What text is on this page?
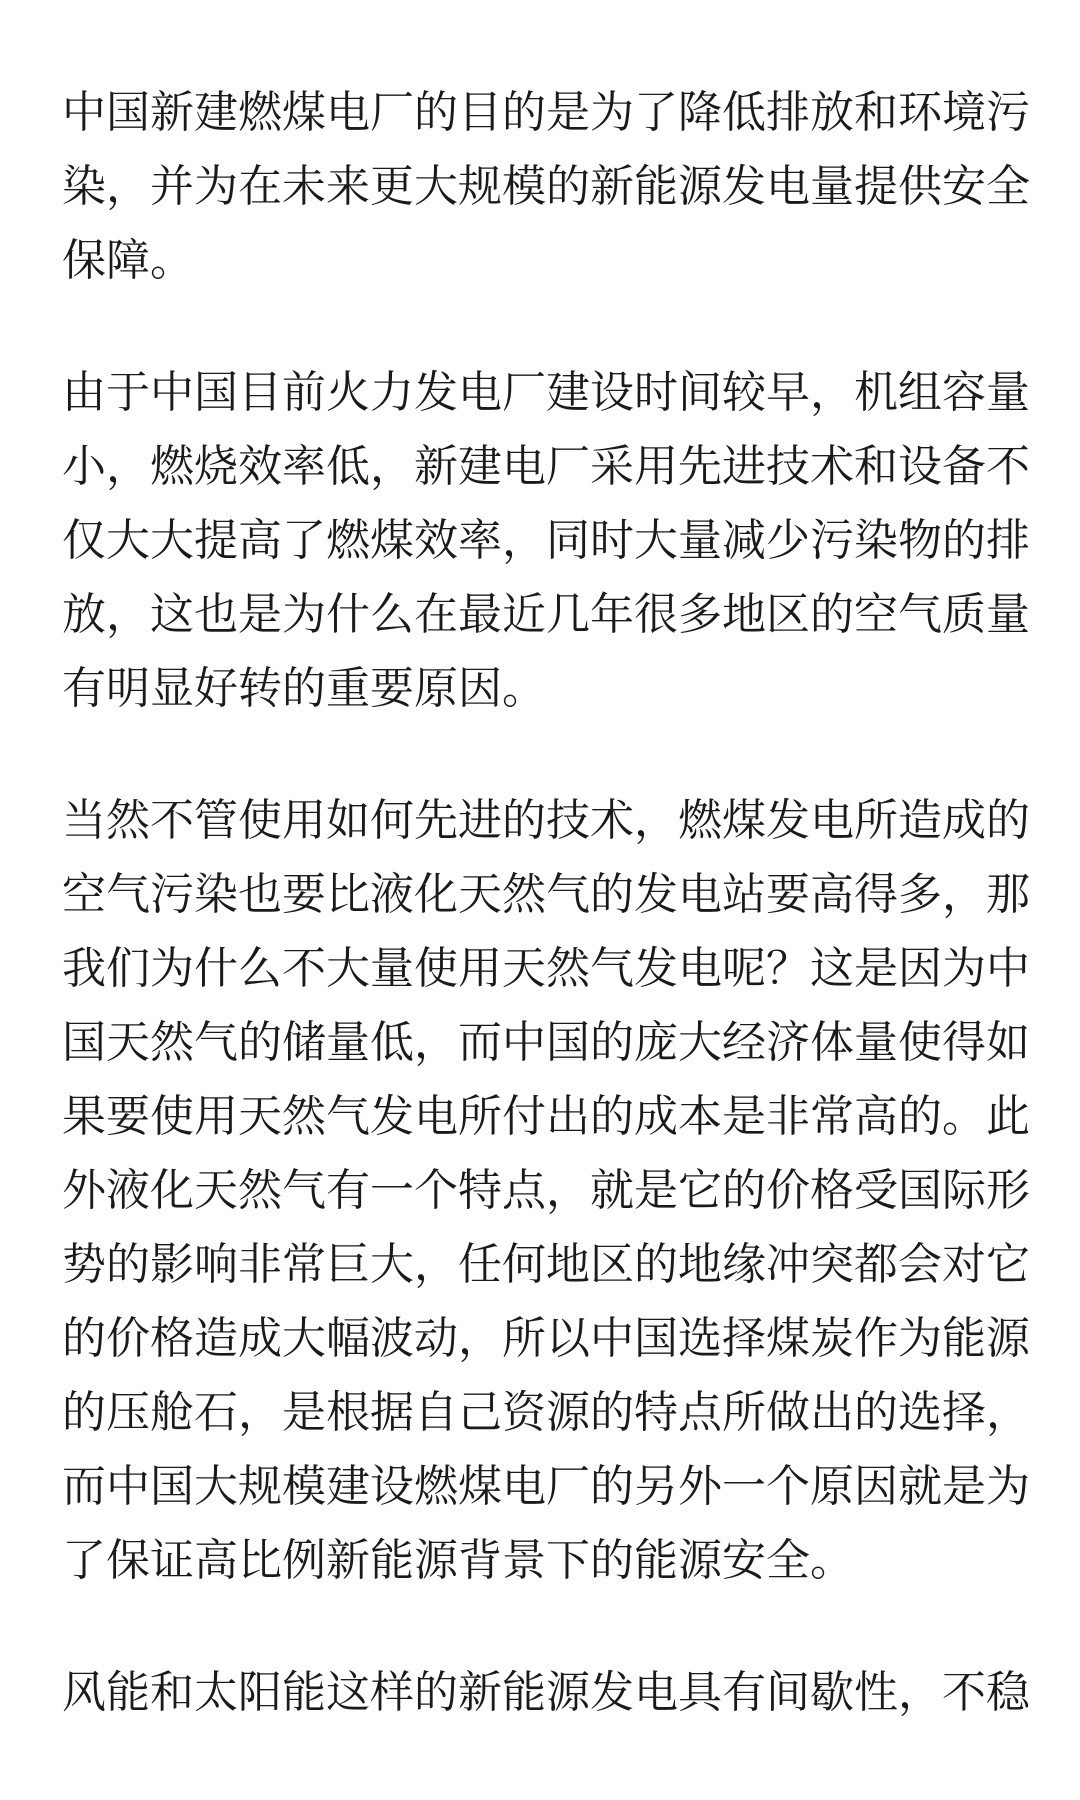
中国新建燃煤电厂的目的是为了降低排放和环境污
染，并为在未来更大规模的新能源发电量提供安全
保障。

由于中国目前火力发电厂建设时间较早，机组容量
小，燃烧效率低，新建电厂采用先进技术和设备不
仅大大提高了燃煤效率，同时大量减少污染物的排
放，这也是为什么在最近几年很多地区的空气质量
有明显好转的重要原因。

当然不管使用如何先进的技术，燃煤发电所造成的
空气污染也要比液化天然气的发电站要高得多，那
我们为什么不大量使用天然气发电呢？这是因为中
国天然气的储量低，而中国的庞大经济体量使得如
果要使用天然气发电所付出的成本是非常高的。此
外液化天然气有一个特点，就是它的价格受国际形
势的影响非常巨大，任何地区的地缘冲突都会对它
的价格造成大幅波动，所以中国选择煤炭作为能源
的压舱石，是根据自己资源的特点所做出的选择，
而中国大规模建设燃煤电厂的另外一个原因就是为
了保证高比例新能源背景下的能源安全。

风能和太阳能这样的新能源发电具有间歇性，不稳
